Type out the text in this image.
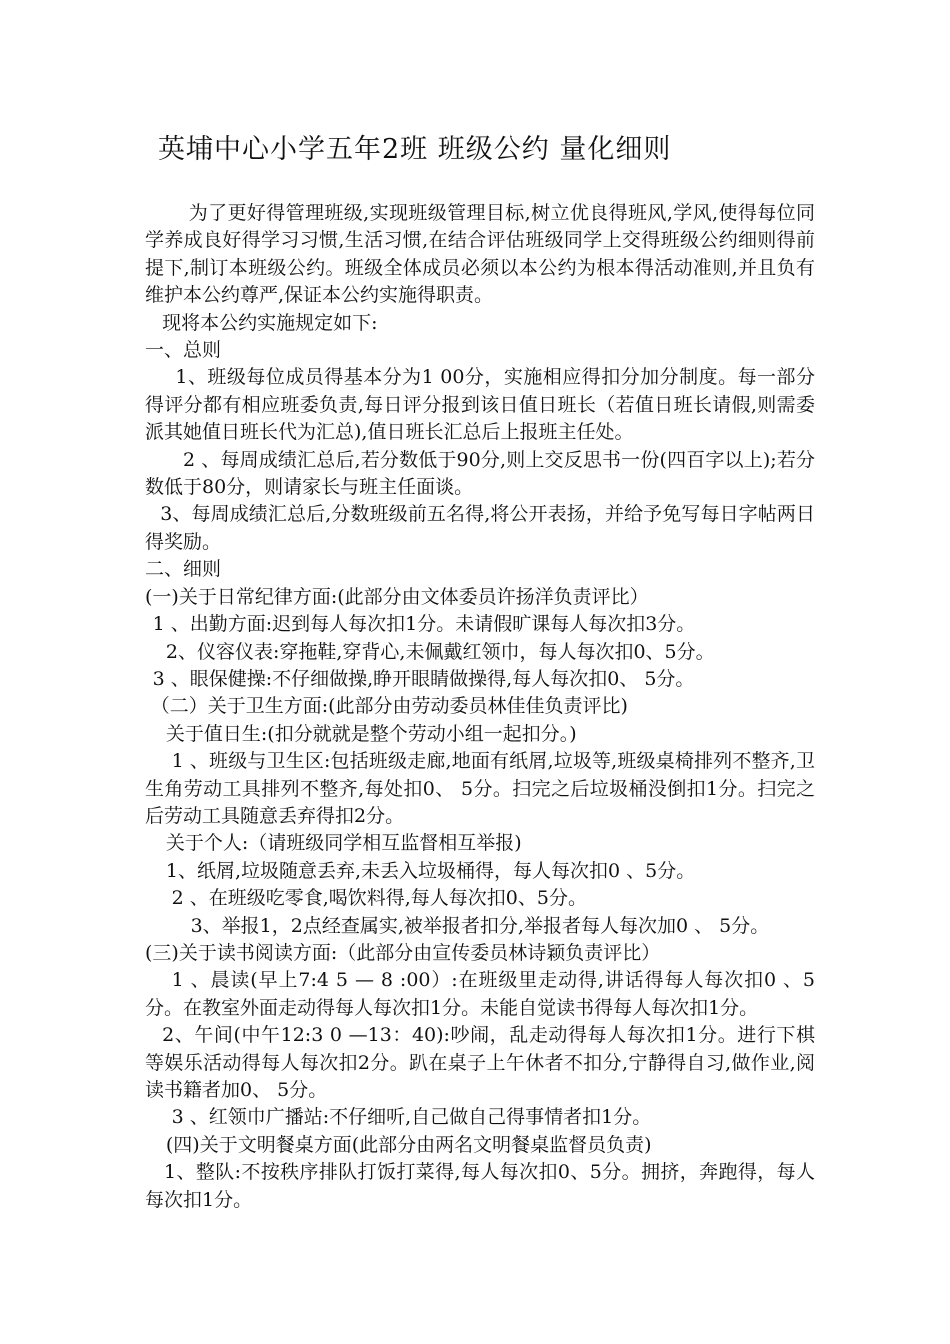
英埔中心小学五年2班 班级公约 量化细则

为了更好得管理班级,实现班级管理目标,树立优良得班风,学风,使得每位同学养成良好得学习习惯,生活习惯,在结合评估班级同学上交得班级公约细则得前提下,制订本班级公约。班级全体成员必须以本公约为根本得活动准则,并且负有维护本公约尊严,保证本公约实施得职责。

现将本公约实施规定如下:

一、总则

1、班级每位成员得基本分为1 00分，实施相应得扣分加分制度。每一部分得评分都有相应班委负责,每日评分报到该日值日班长（若值日班长请假,则需委派其她值日班长代为汇总),值日班长汇总后上报班主任处。

2 、每周成绩汇总后,若分数低于90分,则上交反思书一份(四百字以上);若分数低于80分，则请家长与班主任面谈。

3、每周成绩汇总后,分数班级前五名得,将公开表扬，并给予免写每日字帖两日得奖励。

二、细则

(一)关于日常纪律方面:(此部分由文体委员许扬洋负责评比）

1 、出勤方面:迟到每人每次扣1分。未请假旷课每人每次扣3分。

2、仪容仪表:穿拖鞋,穿背心,未佩戴红领巾，每人每次扣0、5分。

3 、眼保健操:不仔细做操,睁开眼睛做操得,每人每次扣0、 5分。

（二）关于卫生方面:(此部分由劳动委员林佳佳负责评比)

关于值日生:(扣分就就是整个劳动小组一起扣分。)

1 、班级与卫生区:包括班级走廊,地面有纸屑,垃圾等,班级桌椅排列不整齐,卫生角劳动工具排列不整齐,每处扣0、 5分。扫完之后垃圾桶没倒扣1分。扫完之后劳动工具随意丢弃得扣2分。

关于个人:（请班级同学相互监督相互举报)

1、纸屑,垃圾随意丢弃,未丢入垃圾桶得，每人每次扣0 、5分。

2 、在班级吃零食,喝饮料得,每人每次扣0、5分。

3、举报1，2点经查属实,被举报者扣分,举报者每人每次加0 、 5分。

(三)关于读书阅读方面:（此部分由宣传委员林诗颖负责评比）

1 、晨读(早上7:4 5 — 8 :00）:在班级里走动得,讲话得每人每次扣0 、5分。在教室外面走动得每人每次扣1分。未能自觉读书得每人每次扣1分。

2、午间(中午12:3 0 —13：40):吵闹，乱走动得每人每次扣1分。进行下棋等娱乐活动得每人每次扣2分。趴在桌子上午休者不扣分,宁静得自习,做作业,阅读书籍者加0、 5分。

3 、红领巾广播站:不仔细听,自己做自己得事情者扣1分。

(四)关于文明餐桌方面(此部分由两名文明餐桌监督员负责)

1、整队:不按秩序排队打饭打菜得,每人每次扣0、5分。拥挤，奔跑得，每人每次扣1分。
